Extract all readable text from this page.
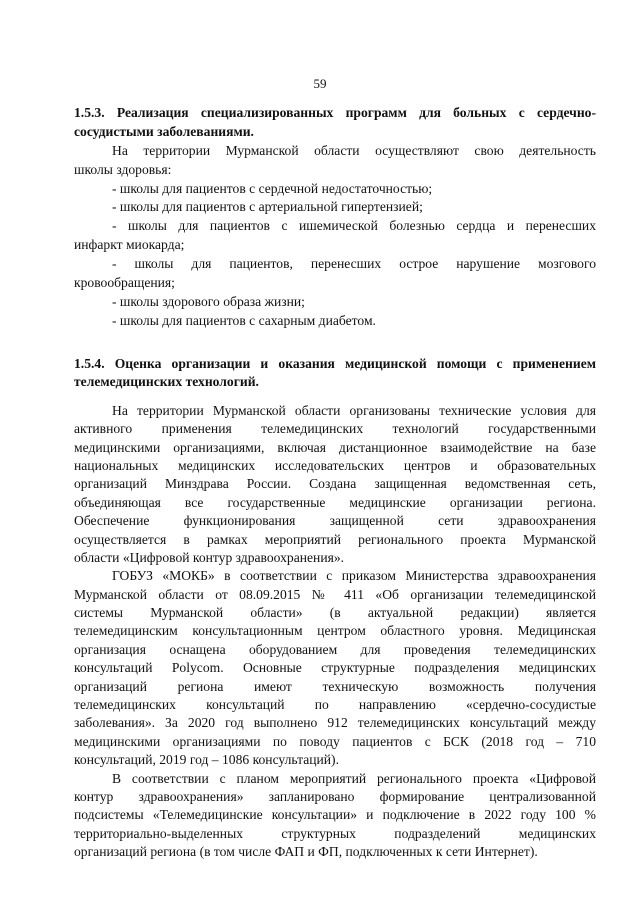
59
1.5.3. Реализация специализированных программ для больных с сердечно-
сосудистыми заболеваниями.
На территории Мурманской области осуществляют свою деятельность
школы здоровья:
- школы для пациентов с сердечной недостаточностью;
- школы для пациентов с артериальной гипертензией;
- школы для пациентов с ишемической болезнью сердца и перенесших
инфаркт миокарда;
- школы для пациентов, перенесших острое нарушение мозгового
кровообращения;
- школы здорового образа жизни;
- школы для пациентов с сахарным диабетом.
1.5.4. Оценка организации и оказания медицинской помощи с применением
телемедицинских технологий.
На территории Мурманской области организованы технические условия для
активного применения телемедицинских технологий государственными
медицинскими организациями, включая дистанционное взаимодействие на базе
национальных медицинских исследовательских центров и образовательных
организаций Минздрава России. Создана защищенная ведомственная сеть,
объединяющая все государственные медицинские организации региона.
Обеспечение функционирования защищенной сети здравоохранения
осуществляется в рамках мероприятий регионального проекта Мурманской
области «Цифровой контур здравоохранения».
ГОБУЗ «МОКБ» в соответствии с приказом Министерства здравоохранения
Мурманской области от 08.09.2015 № 411 «Об организации телемедицинской
системы Мурманской области» (в актуальной редакции) является
телемедицинским консультационным центром областного уровня. Медицинская
организация оснащена оборудованием для проведения телемедицинских
консультаций Polycom. Основные структурные подразделения медицинских
организаций региона имеют техническую возможность получения
телемедицинских консультаций по направлению «сердечно-сосудистые
заболевания». За 2020 год выполнено 912 телемедицинских консультаций между
медицинскими организациями по поводу пациентов с БСК (2018 год – 710
консультаций, 2019 год – 1086 консультаций).
В соответствии с планом мероприятий регионального проекта «Цифровой
контур здравоохранения» запланировано формирование централизованной
подсистемы «Телемедицинские консультации» и подключение в 2022 году 100 %
территориально-выделенных структурных подразделений медицинских
организаций региона (в том числе ФАП и ФП, подключенных к сети Интернет).
